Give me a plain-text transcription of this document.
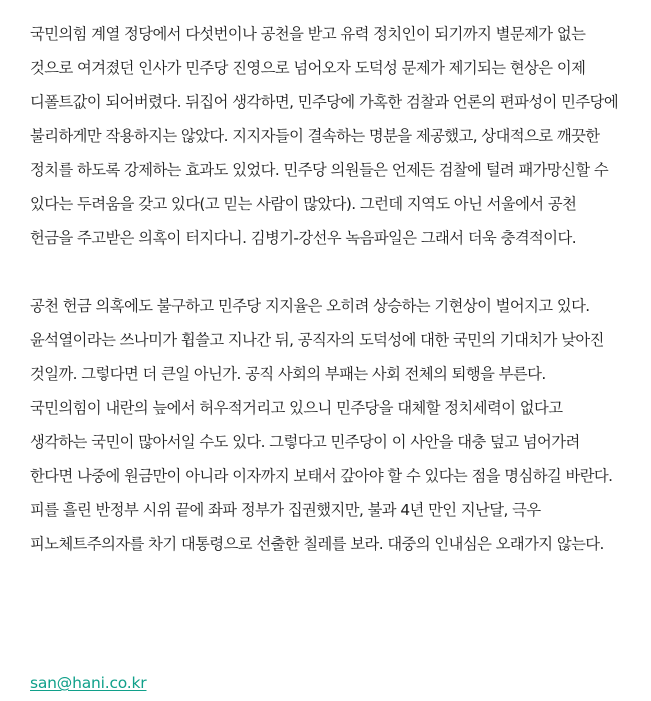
국민의힘 계열 정당에서 다섯번이나 공천을 받고 유력 정치인이 되기까지 별문제가 없는 것으로 여겨졌던 인사가 민주당 진영으로 넘어오자 도덕성 문제가 제기되는 현상은 이제 디폴트값이 되어버렸다. 뒤집어 생각하면, 민주당에 가혹한 검찰과 언론의 편파성이 민주당에 불리하게만 작용하지는 않았다. 지지자들이 결속하는 명분을 제공했고, 상대적으로 깨끗한 정치를 하도록 강제하는 효과도 있었다. 민주당 의원들은 언제든 검찰에 털려 패가망신할 수 있다는 두려움을 갖고 있다(고 믿는 사람이 많았다). 그런데 지역도 아닌 서울에서 공천 헌금을 주고받은 의혹이 터지다니. 김병기-강선우 녹음파일은 그래서 더욱 충격적이다.

공천 헌금 의혹에도 불구하고 민주당 지지율은 오히려 상승하는 기현상이 벌어지고 있다. 윤석열이라는 쓰나미가 휩쓸고 지나간 뒤, 공직자의 도덕성에 대한 국민의 기대치가 낮아진 것일까. 그렇다면 더 큰일 아닌가. 공직 사회의 부패는 사회 전체의 퇴행을 부른다. 국민의힘이 내란의 늪에서 허우적거리고 있으니 민주당을 대체할 정치세력이 없다고 생각하는 국민이 많아서일 수도 있다. 그렇다고 민주당이 이 사안을 대충 덮고 넘어가려 한다면 나중에 원금만이 아니라 이자까지 보태서 갚아야 할 수 있다는 점을 명심하길 바란다. 피를 흘린 반정부 시위 끝에 좌파 정부가 집권했지만, 불과 4년 만인 지난달, 극우 피노체트주의자를 차기 대통령으로 선출한 칠레를 보라. 대중의 인내심은 오래가지 않는다.

san@hani.co.kr
